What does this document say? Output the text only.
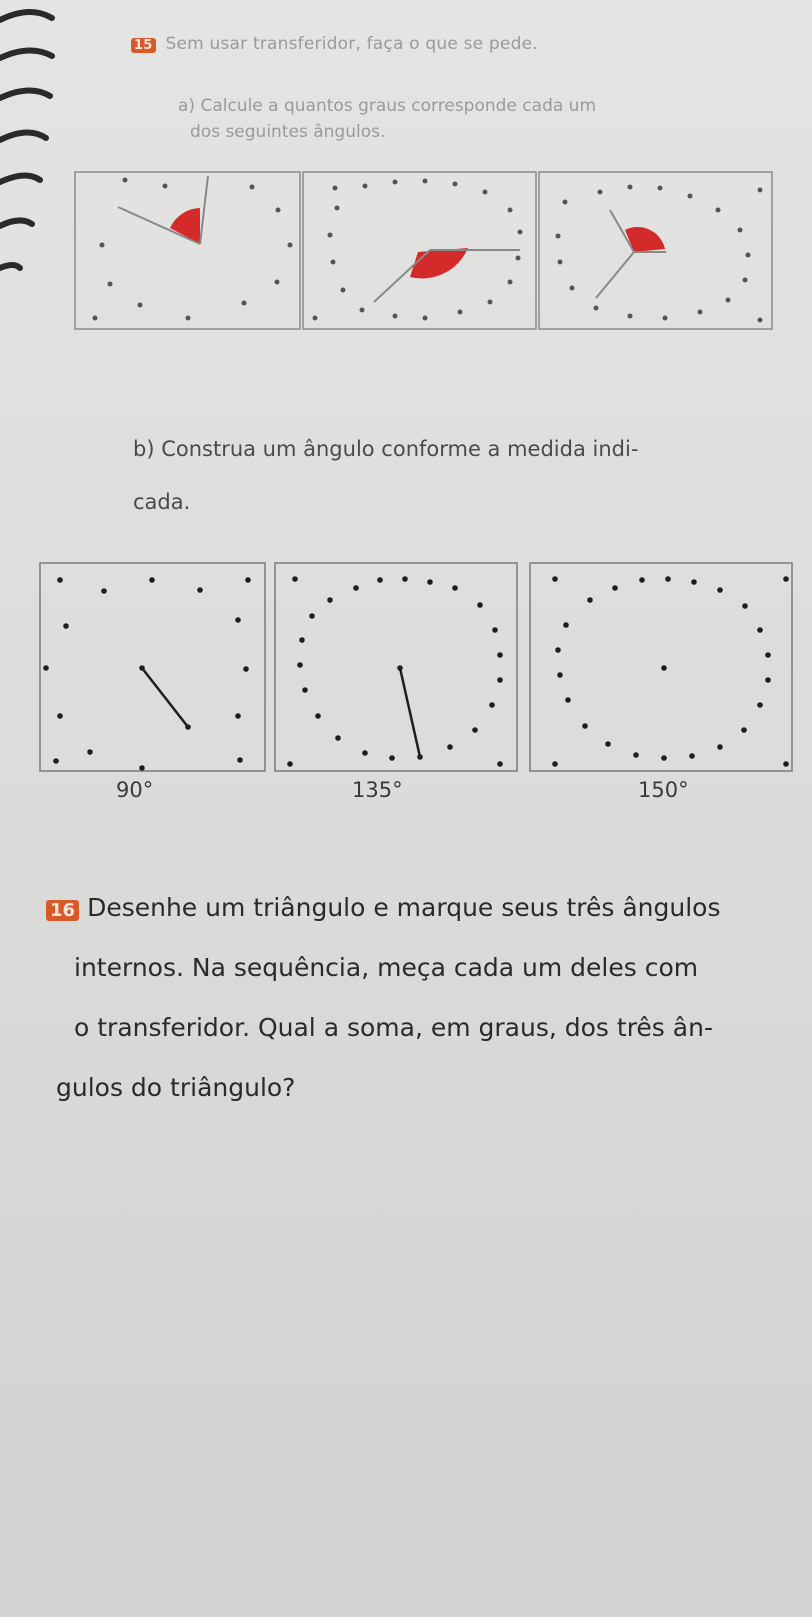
15 Sem usar transferidor, faça o que se pede.
a) Calcule a quantos graus corresponde cada um
dos seguintes ângulos.
b) Construa um ângulo conforme a medida indi-
cada.
90°	135°	150°
16 Desenhe um triângulo e marque seus três ângulos
internos. Na sequência, meça cada um deles com
o transferidor. Qual a soma, em graus, dos três ân-
gulos do triângulo?
